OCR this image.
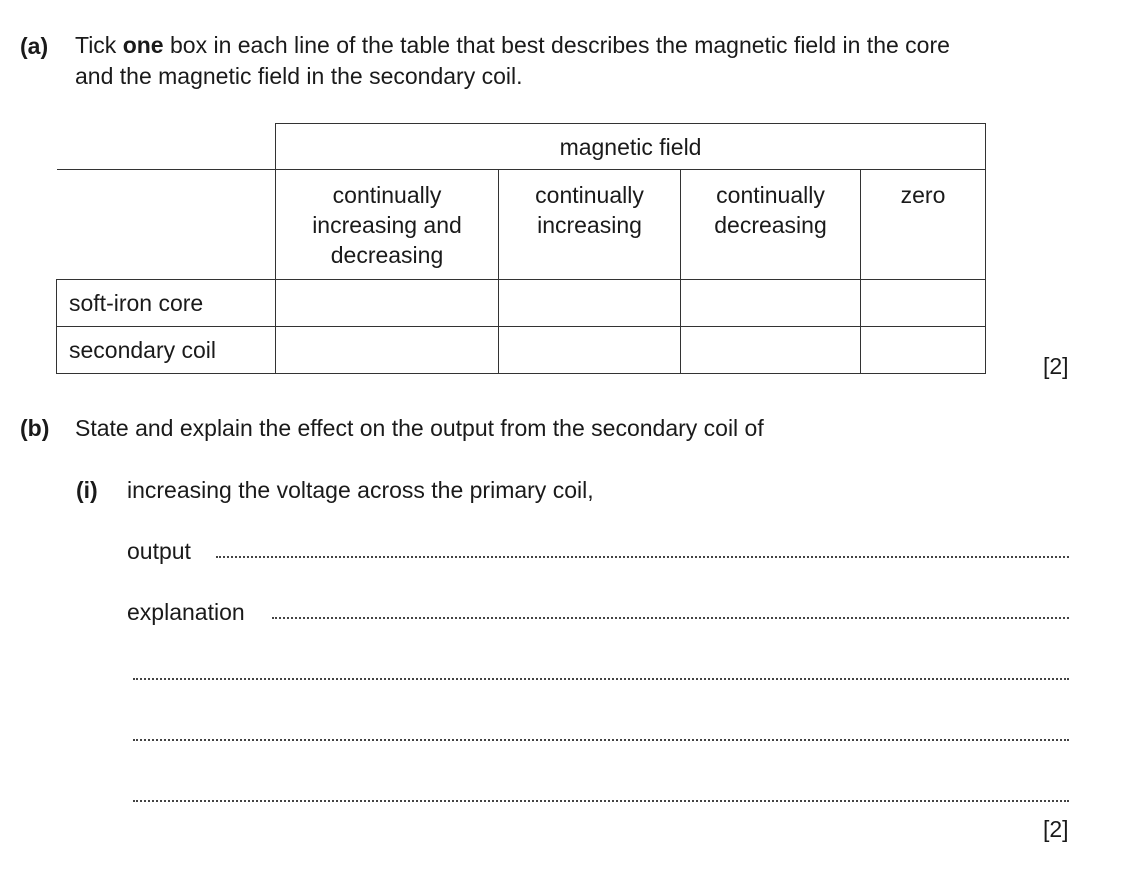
(a) Tick one box in each line of the table that best describes the magnetic field in the core
and the magnetic field in the secondary coil.
	magnetic field			
	continually increasing and decreasing	continually increasing	continually decreasing	zero
soft-iron core				
secondary coil				
[2]
(b) State and explain the effect on the output from the secondary coil of
(i) increasing the voltage across the primary coil,
output
explanation
[2]
